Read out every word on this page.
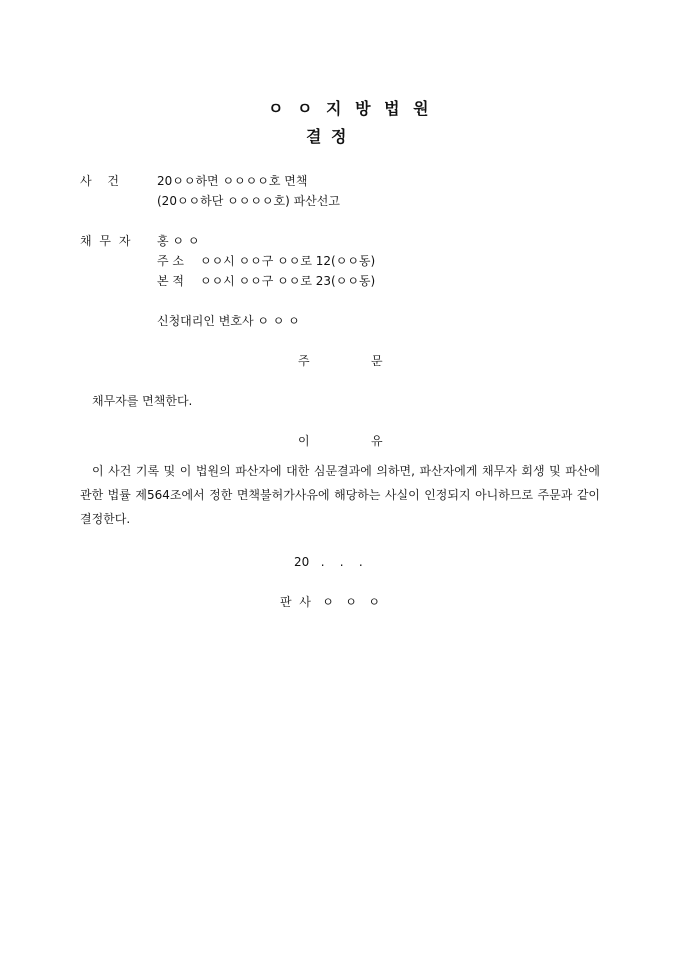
ㅇ ㅇ 지 방 법 원
결 정
사 건	20ㅇㅇ하면 ㅇㅇㅇㅇ호 면책
(20ㅇㅇ하단 ㅇㅇㅇㅇ호) 파산선고
채 무 자 홍 ㅇ ㅇ
주 소 ㅇㅇ시 ㅇㅇ구 ㅇㅇ로 12(ㅇㅇ동)
본 적 ㅇㅇ시 ㅇㅇ구 ㅇㅇ로 23(ㅇㅇ동)
신청대리인 변호사 ㅇ ㅇ ㅇ
주	문
채무자를 면책한다.
이	유
이 사건 기록 및 이 법원의 파산자에 대한 심문결과에 의하면, 파산자에게 채무자 회생 및 파산에 관한 법률 제564조에서 정한 면책불허가사유에 해당하는 사실이 인정되지 아니하므로 주문과 같이 결정한다.
20   .    .    .
판  사   ㅇ   ㅇ   ㅇ
